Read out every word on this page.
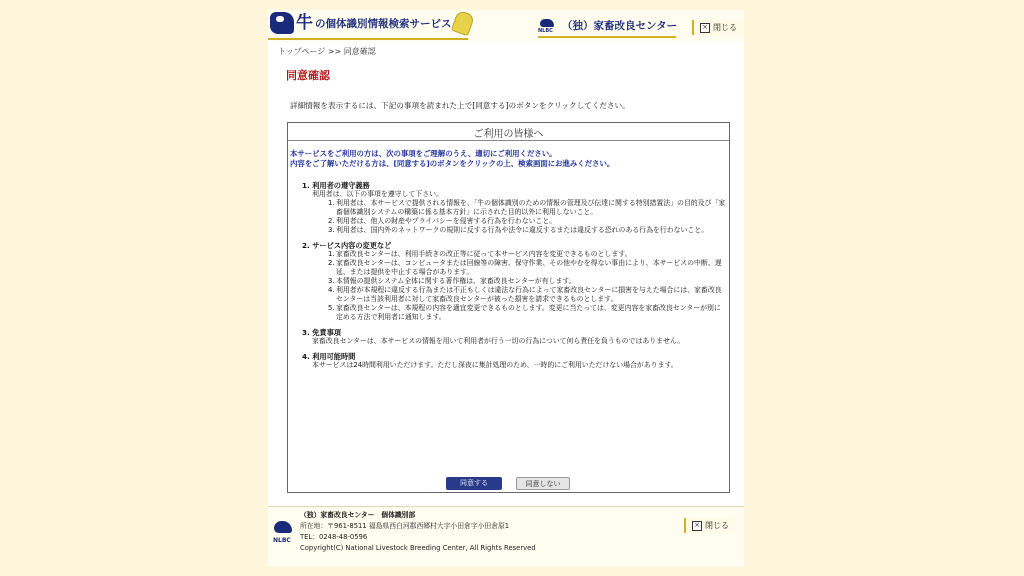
牛 の個体識別情報検索サービス
NLBC （独）家畜改良センター	× 閉じる
トップページ >> 同意確認
同意確認
詳細情報を表示するには、下記の事項を読まれた上で[同意する]のボタンをクリックしてください。
ご利用の皆様へ
本サービスをご利用の方は、次の事項をご理解のうえ、適切にご利用ください。
内容をご了解いただける方は、[同意する]のボタンをクリックの上、検索画面にお進みください。
1. 利用者の遵守義務
利用者は、以下の事項を遵守して下さい。
1. 利用者は、本サービスで提供される情報を、「牛の個体識別のための情報の管理及び伝達に関する特別措置法」の目的及び「家畜個体識別システムの構築に係る基本方針」に示された目的以外に利用しないこと。
2. 利用者は、他人の財産やプライバシーを侵害する行為を行わないこと。
3. 利用者は、国内外のネットワークの規則に反する行為や法令に違反するまたは違反する恐れのある行為を行わないこと。
2. サービス内容の変更など
1. 家畜改良センターは、利用手続きの改正等に従って本サービス内容を変更できるものとします。
2. 家畜改良センターは、コンピュータまたは回線等の障害、保守作業、その他やむを得ない事由により、本サービスの中断、遅延、または提供を中止する場合があります。
3. 本情報の提供システム全体に関する著作権は、家畜改良センターが有します。
4. 利用者が本規程に違反する行為または不正もしくは違法な行為によって家畜改良センターに損害を与えた場合には、家畜改良センターは当該利用者に対して家畜改良センターが被った損害を請求できるものとします。
5. 家畜改良センターは、本規程の内容を適宜変更できるものとします。変更に当たっては、変更内容を家畜改良センターが別に定める方法で利用者に通知します。
3. 免責事項
家畜改良センターは、本サービスの情報を用いて利用者が行う一切の行為について何ら責任を負うものではありません。
4. 利用可能時間
本サービスは24時間利用いただけます。ただし深夜に集計処理のため、一時的にご利用いただけない場合があります。
同意する	同意しない
NLBC
（独）家畜改良センター　個体識別部
所在地：〒961-8511 福島県西白河郡西郷村大字小田倉字小田倉原1
TEL：0248-48-0596
Copyright(C) National Livestock Breeding Center, All Rights Reserved
× 閉じる
